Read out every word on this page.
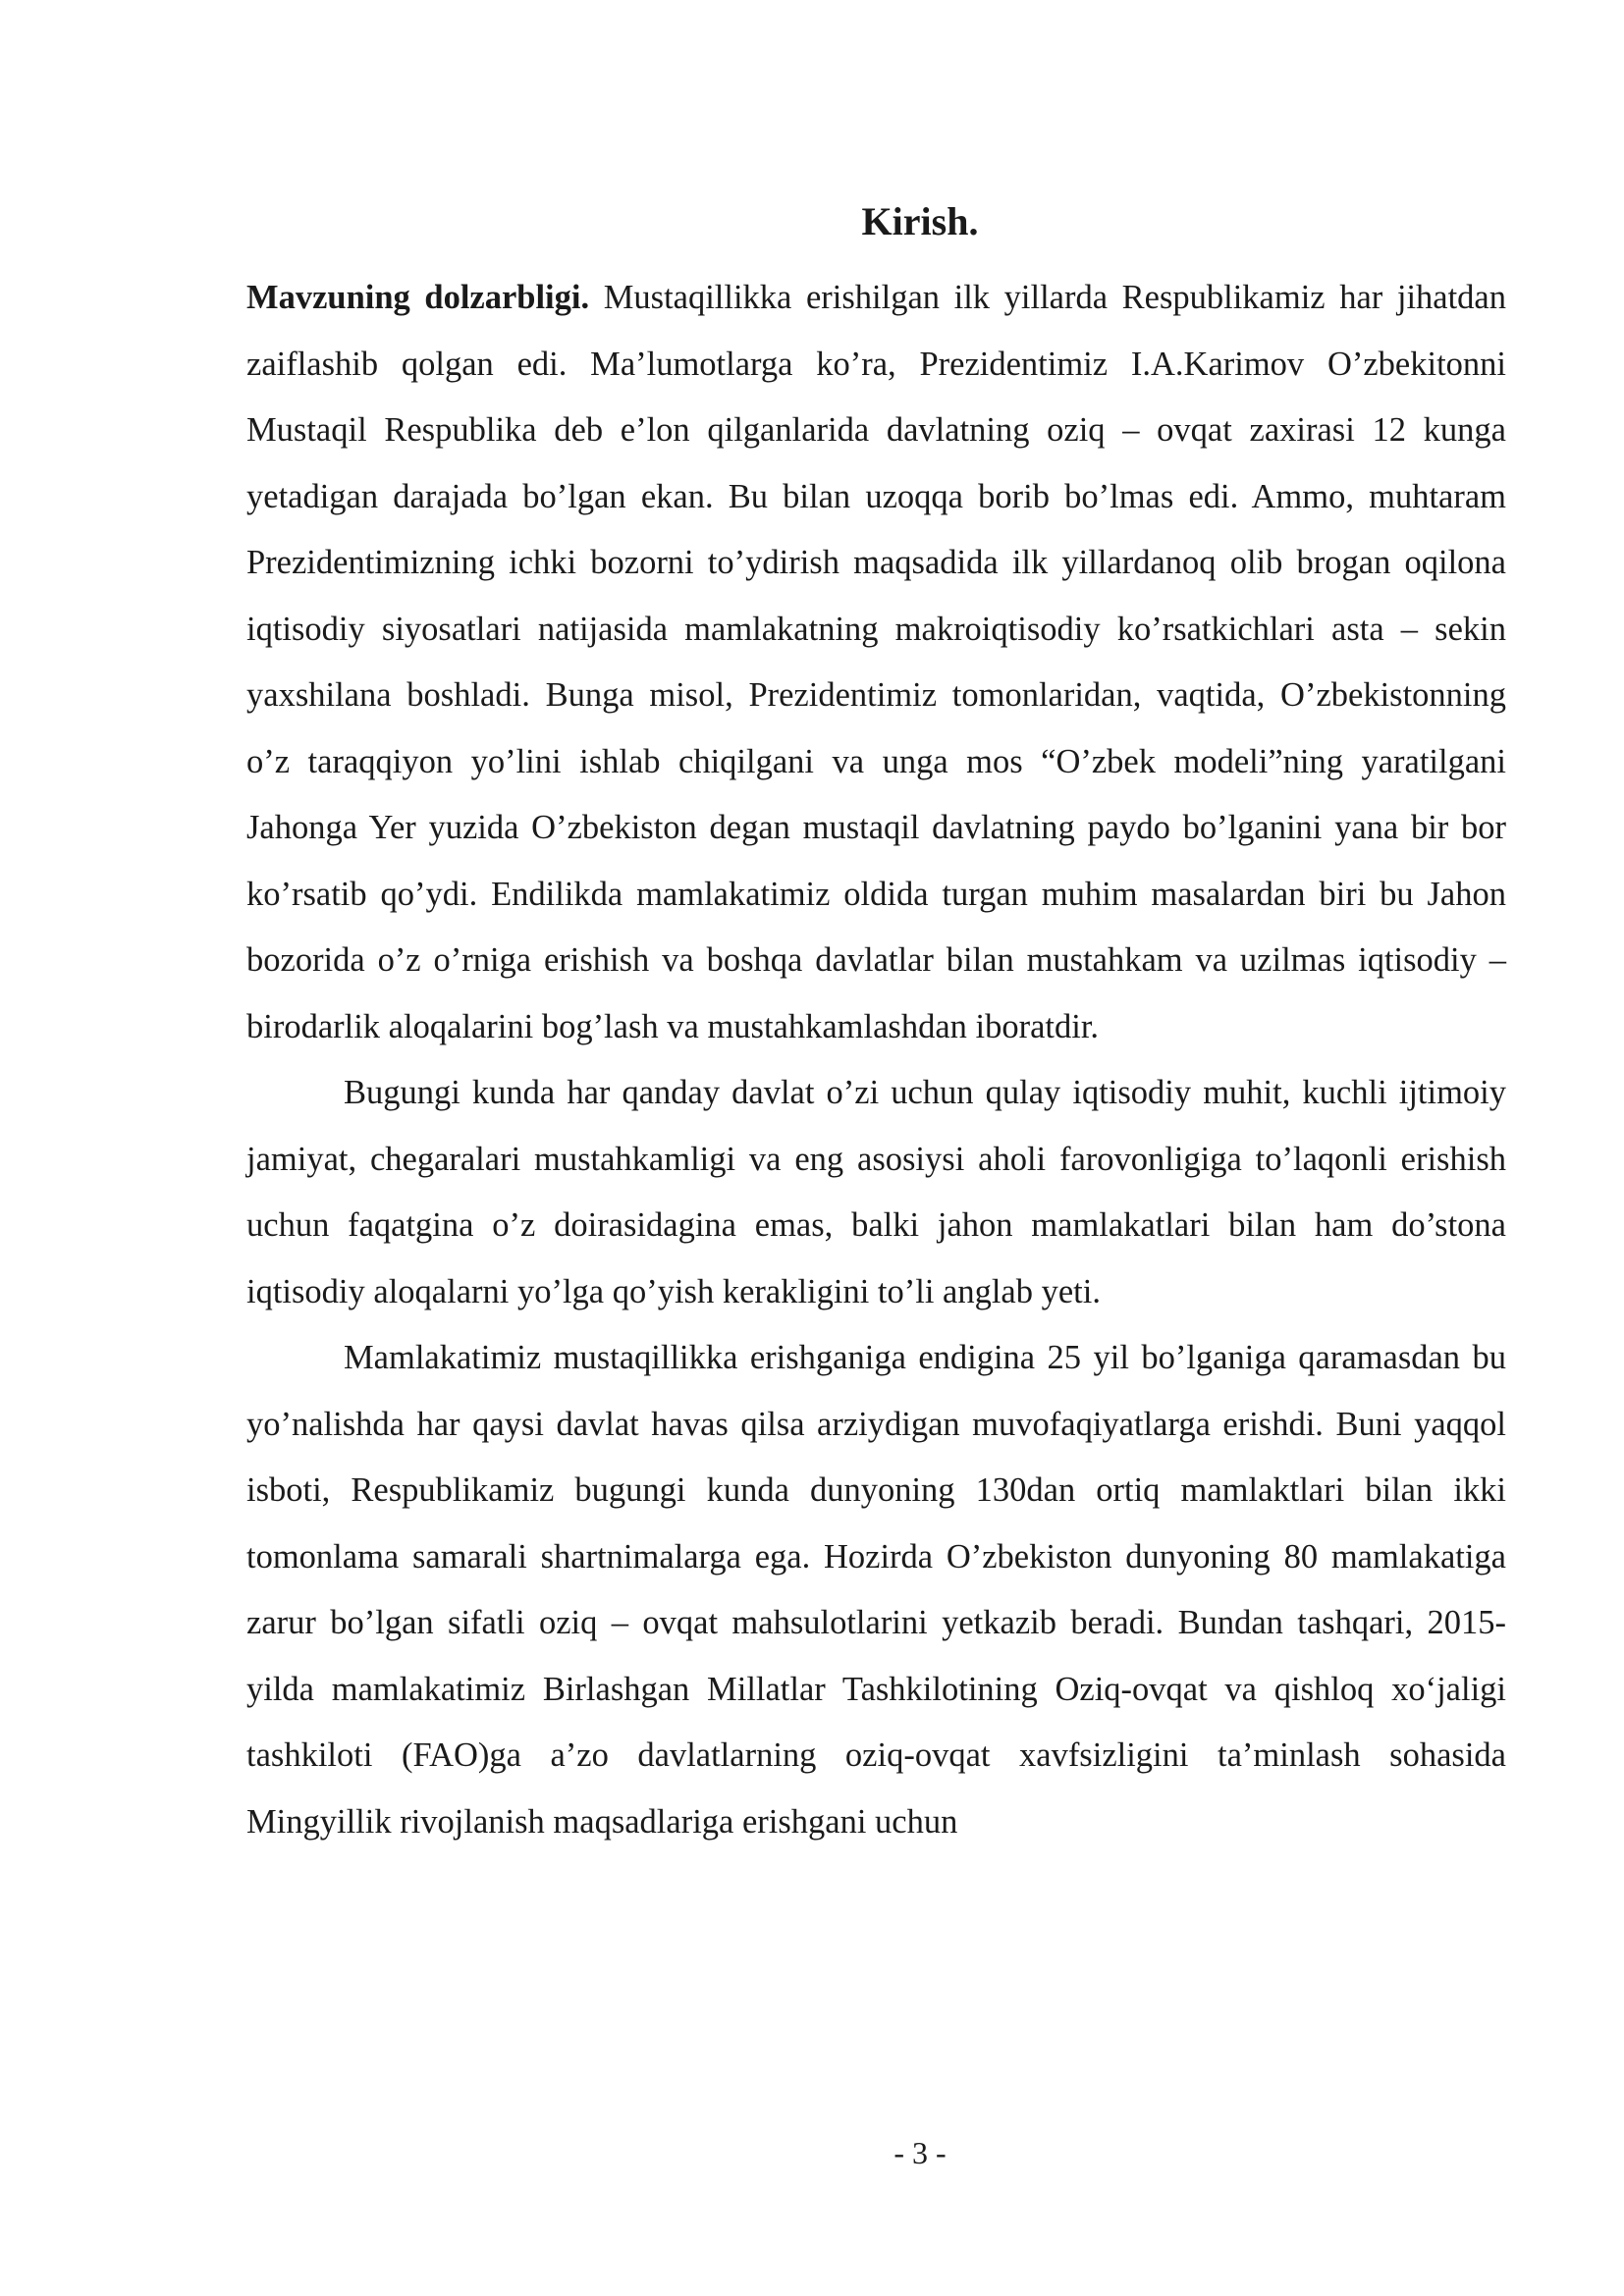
Kirish.

Mavzuning dolzarbligi. Mustaqillikka erishilgan ilk yillarda Respublikamiz har jihatdan zaiflashib qolgan edi. Ma’lumotlarga ko’ra, Prezidentimiz I.A.Karimov O’zbekitonni Mustaqil Respublika deb e’lon qilganlarida davlatning oziq – ovqat zaxirasi 12 kunga yetadigan darajada bo’lgan ekan. Bu bilan uzoqqa borib bo’lmas edi. Ammo, muhtaram Prezidentimizning ichki bozorni to’ydirish maqsadida ilk yillardanoq olib brogan oqilona iqtisodiy siyosatlari natijasida mamlakatning makroiqtisodiy ko’rsatkichlari asta – sekin yaxshilana boshladi. Bunga misol, Prezidentimiz tomonlaridan, vaqtida, O’zbekistonning o’z taraqqiyon yo’lini ishlab chiqilgani va unga mos “O’zbek modeli”ning yaratilgani Jahonga Yer yuzida O’zbekiston degan mustaqil davlatning paydo bo’lganini yana bir bor ko’rsatib qo’ydi. Endilikda mamlakatimiz oldida turgan muhim masalardan biri bu Jahon bozorida o’z o’rniga erishish va boshqa davlatlar bilan mustahkam va uzilmas iqtisodiy – birodarlik aloqalarini bog’lash va mustahkamlashdan iboratdir.

Bugungi kunda har qanday davlat o’zi uchun qulay iqtisodiy muhit, kuchli ijtimoiy jamiyat, chegaralari mustahkamligi va eng asosiysi aholi farovonligiga to’laqonli erishish uchun faqatgina o’z doirasidagina emas, balki jahon mamlakatlari bilan ham do’stona iqtisodiy aloqalarni yo’lga qo’yish kerakligini to’li anglab yeti.

Mamlakatimiz mustaqillikka erishganiga endigina 25 yil bo’lganiga qaramasdan bu yo’nalishda har qaysi davlat havas qilsa arziydigan muvofaqiyatlarga erishdi. Buni yaqqol isboti, Respublikamiz bugungi kunda dunyoning 130dan ortiq mamlaktlari bilan ikki tomonlama samarali shartnimalarga ega. Hozirda O’zbekiston dunyoning 80 mamlakatiga zarur bo’lgan sifatli oziq – ovqat mahsulotlarini yetkazib beradi. Bundan tashqari, 2015-yilda mamlakatimiz Birlashgan Millatlar Tashkilotining Oziq-ovqat va qishloq xo‘jaligi tashkiloti (FAO)ga a’zo davlatlarning oziq-ovqat xavfsizligini ta’minlash sohasida Mingyillik rivojlanish maqsadlariga erishgani uchun

- 3 -
